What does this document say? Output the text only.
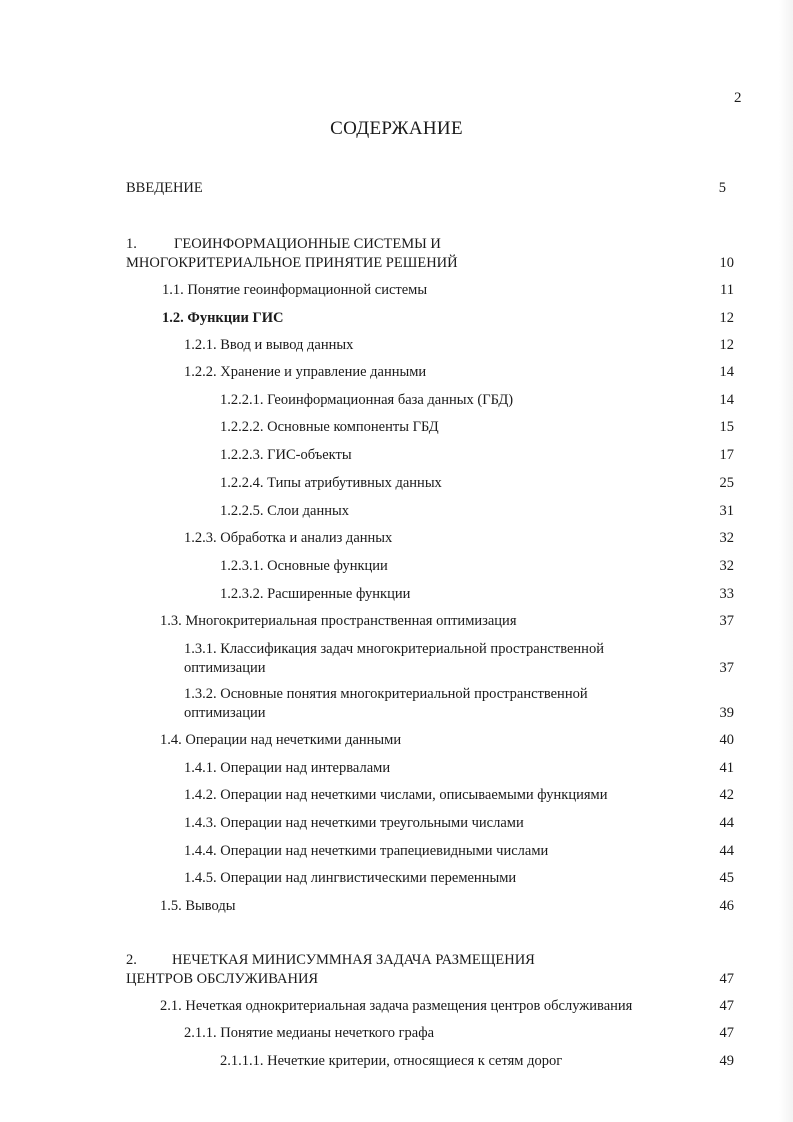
2
СОДЕРЖАНИЕ
ВВЕДЕНИЕ	5
1.	ГЕОИНФОРМАЦИОННЫЕ СИСТЕМЫ И
МНОГОКРИТЕРИАЛЬНОЕ ПРИНЯТИЕ РЕШЕНИЙ	10
1.1. Понятие геоинформационной системы	11
1.2. Функции ГИС	12
1.2.1. Ввод и вывод данных	12
1.2.2. Хранение и управление данными	14
1.2.2.1. Геоинформационная база данных (ГБД)	14
1.2.2.2. Основные компоненты ГБД	15
1.2.2.3. ГИС-объекты	17
1.2.2.4. Типы атрибутивных данных	25
1.2.2.5. Слои данных	31
1.2.3. Обработка и анализ данных	32
1.2.3.1. Основные функции	32
1.2.3.2. Расширенные функции	33
1.3. Многокритериальная пространственная оптимизация	37
1.3.1. Классификация задач многокритериальной пространственной
оптимизации	37
1.3.2. Основные понятия многокритериальной пространственной
оптимизации	39
1.4. Операции над нечеткими данными	40
1.4.1. Операции над интервалами	41
1.4.2. Операции над нечеткими числами, описываемыми функциями	42
1.4.3. Операции над нечеткими треугольными числами	44
1.4.4. Операции над нечеткими трапециевидными числами	44
1.4.5. Операции над лингвистическими переменными	45
1.5. Выводы	46
2. НЕЧЕТКАЯ МИНИСУММНАЯ ЗАДАЧА РАЗМЕЩЕНИЯ
ЦЕНТРОВ ОБСЛУЖИВАНИЯ	47
2.1. Нечеткая однокритериальная задача размещения центров обслуживания	47
2.1.1. Понятие медианы нечеткого графа	47
2.1.1.1. Нечеткие критерии, относящиеся к сетям дорог	49
